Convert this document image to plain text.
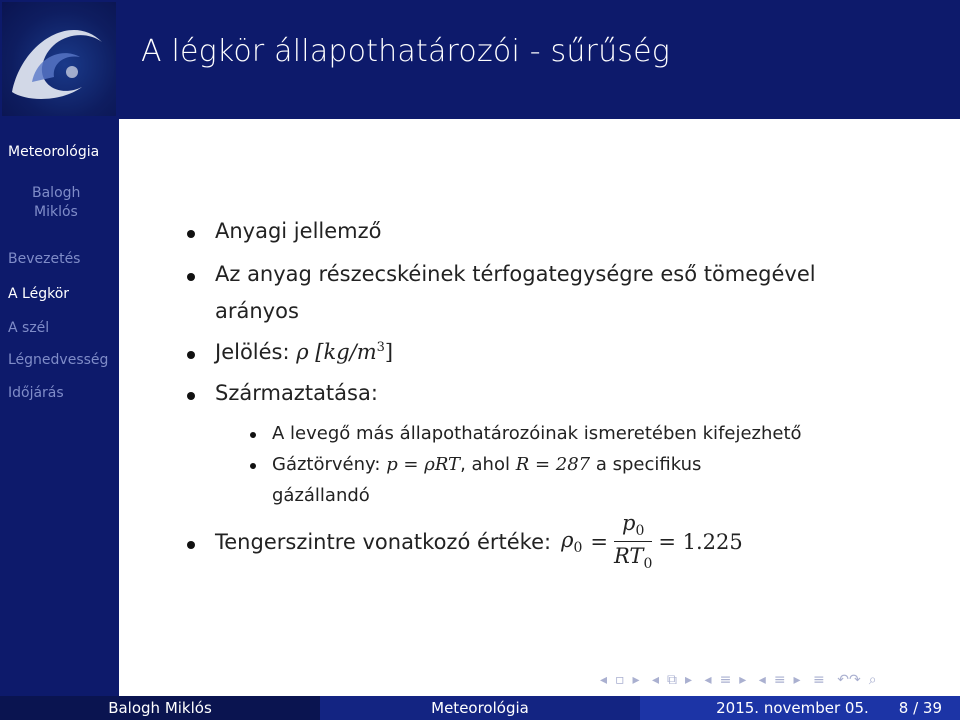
Meteorológia
Balogh
Miklós
Bevezetés
A Légkör
A szél
Légnedvesség
Időjárás
A légkör állapothatározói - sűrűség
Anyagi jellemző
Az anyag részecskéinek térfogategységre eső tömegével
arányos
Jelölés: ρ $[kg/m^3]$
Származtatása:
A levegő más állapothatározóinak ismeretében kifejezhető
Gáztörvény: p = ρRT, ahol R = 287 a specifikus
gázállandó
Tengerszintre vonatkozó értéke: $\rho_0 = \frac{p_0}{RT_0} = 1.225$
◂ ▫ ▸ ◂ ⧉ ▸ ◂ ≡ ▸ ◂ ≡ ▸ ≡ ↶↷ ⌕
Balogh Miklós	Meteorológia	2015. november 05. 8 / 39
